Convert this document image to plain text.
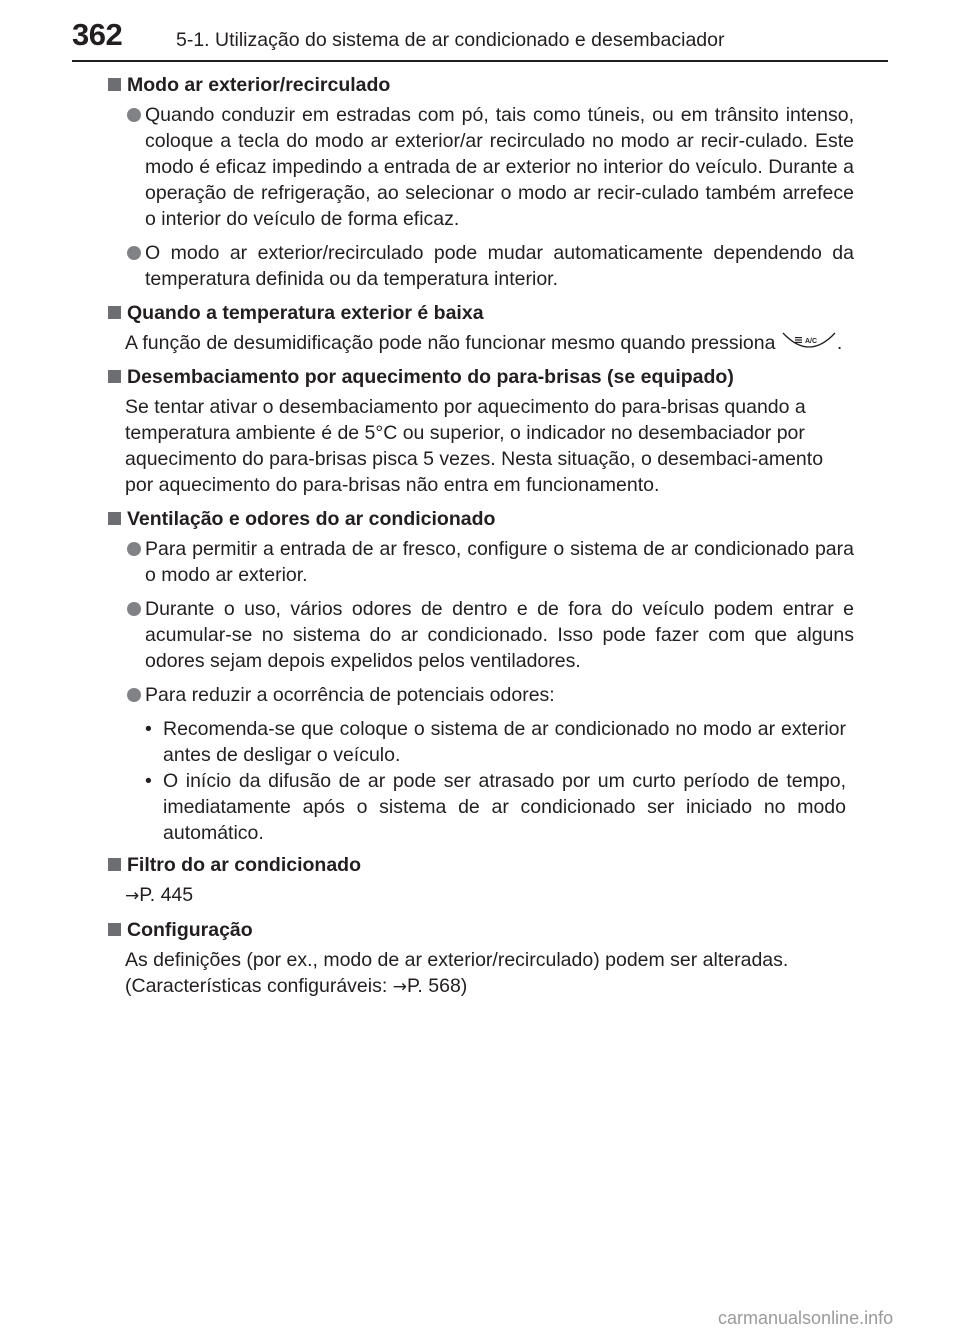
362	5-1. Utilização do sistema de ar condicionado e desembaciador
Modo ar exterior/recirculado
Quando conduzir em estradas com pó, tais como túneis, ou em trânsito intenso, coloque a tecla do modo ar exterior/ar recirculado no modo ar recir-culado. Este modo é eficaz impedindo a entrada de ar exterior no interior do veículo. Durante a operação de refrigeração, ao selecionar o modo ar recir-culado também arrefece o interior do veículo de forma eficaz.
O modo ar exterior/recirculado pode mudar automaticamente dependendo da temperatura definida ou da temperatura interior.
Quando a temperatura exterior é baixa
A função de desumidificação pode não funcionar mesmo quando pressiona	A/C .
Desembaciamento por aquecimento do para-brisas (se equipado)
Se tentar ativar o desembaciamento por aquecimento do para-brisas quando a temperatura ambiente é de 5°C ou superior, o indicador no desembaciador por aquecimento do para-brisas pisca 5 vezes. Nesta situação, o desembaci-amento por aquecimento do para-brisas não entra em funcionamento.
Ventilação e odores do ar condicionado
Para permitir a entrada de ar fresco, configure o sistema de ar condicionado para o modo ar exterior.
Durante o uso, vários odores de dentro e de fora do veículo podem entrar e acumular-se no sistema do ar condicionado. Isso pode fazer com que alguns odores sejam depois expelidos pelos ventiladores.
Para reduzir a ocorrência de potenciais odores:
• Recomenda-se que coloque o sistema de ar condicionado no modo ar exterior antes de desligar o veículo.
• O início da difusão de ar pode ser atrasado por um curto período de tempo, imediatamente após o sistema de ar condicionado ser iniciado no modo automático.
Filtro do ar condicionado
→P. 445
Configuração
As definições (por ex., modo de ar exterior/recirculado) podem ser alteradas.
(Características configuráveis: →P. 568)
carmanualsonline.info
